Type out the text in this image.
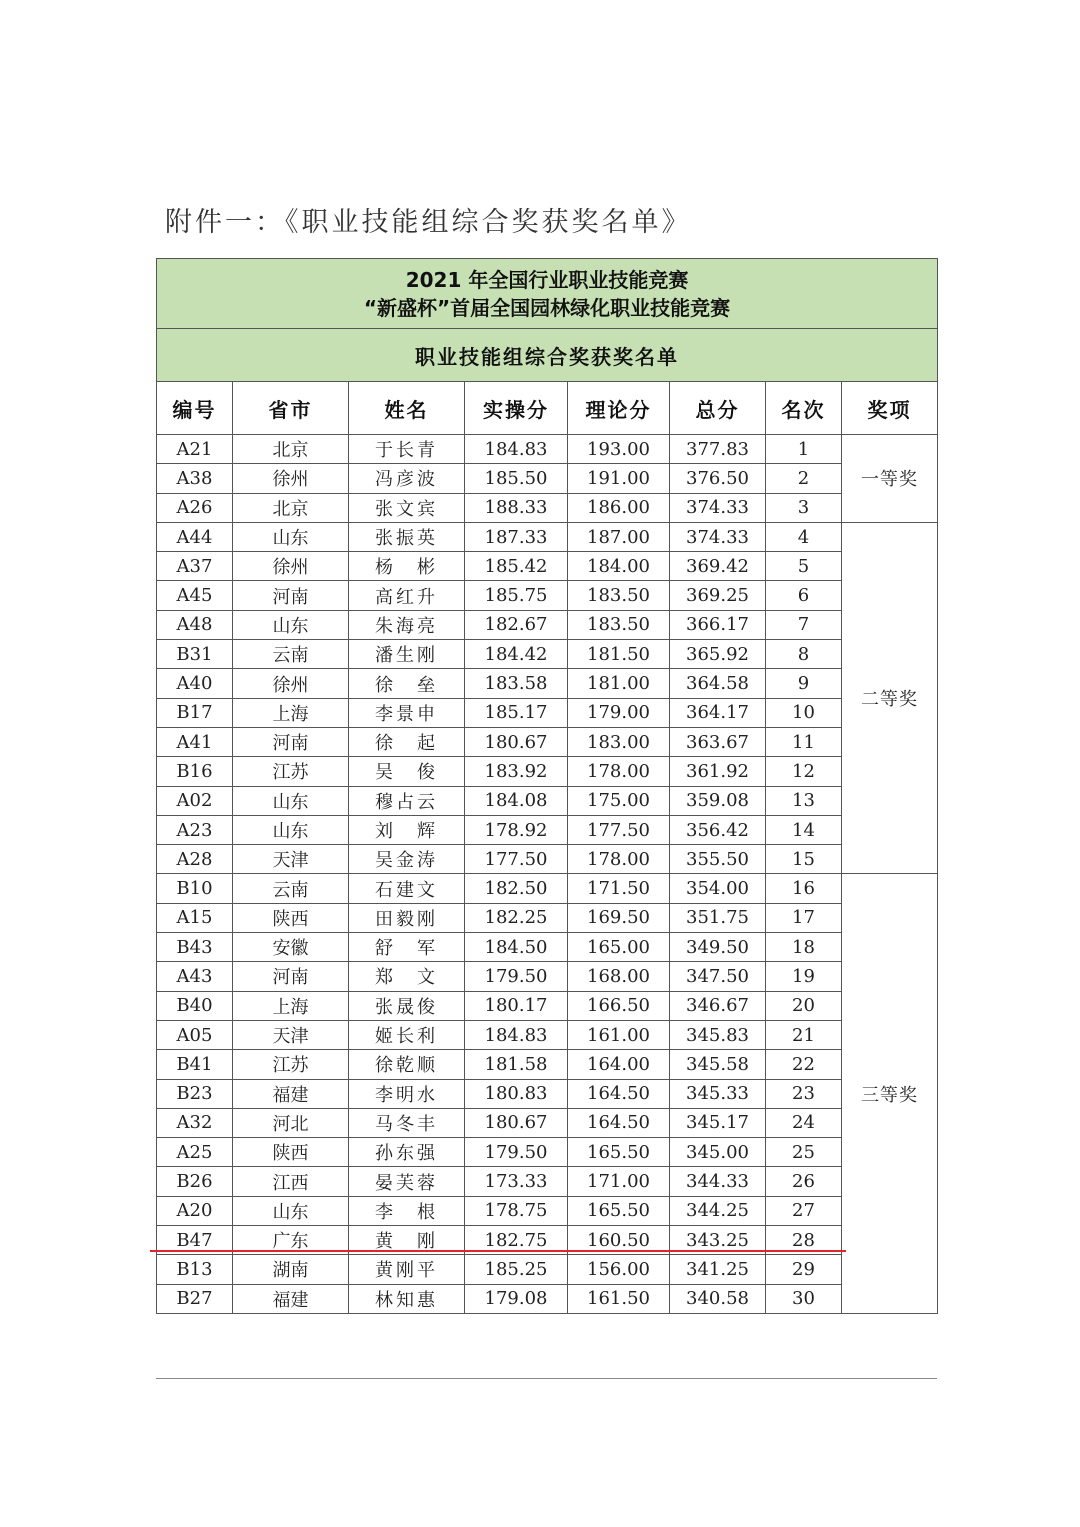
附件一：《职业技能组综合奖获奖名单》
2021 年全国行业职业技能竞赛
“新盛杯”首届全国园林绿化职业技能竞赛							

职业技能组综合奖获奖名单							
编号	省市	姓名	实操分	理论分	总分	名次	奖项
A21	北京	于长青	184.83	193.00	377.83	1	一等奖
A38	徐州	冯彦波	185.50	191.00	376.50	2	
A26	北京	张文宾	188.33	186.00	374.33	3	
A44	山东	张振英	187.33	187.00	374.33	4	二等奖
A37	徐州	杨　彬	185.42	184.00	369.42	5	
A45	河南	高红升	185.75	183.50	369.25	6	
A48	山东	朱海亮	182.67	183.50	366.17	7	
B31	云南	潘生刚	184.42	181.50	365.92	8	
A40	徐州	徐　垒	183.58	181.00	364.58	9	
B17	上海	李景申	185.17	179.00	364.17	10	
A41	河南	徐　起	180.67	183.00	363.67	11	
B16	江苏	吴　俊	183.92	178.00	361.92	12	
A02	山东	穆占云	184.08	175.00	359.08	13	
A23	山东	刘　辉	178.92	177.50	356.42	14	
A28	天津	吴金涛	177.50	178.00	355.50	15	
B10	云南	石建文	182.50	171.50	354.00	16	三等奖
A15	陕西	田毅刚	182.25	169.50	351.75	17	
B43	安徽	舒　军	184.50	165.00	349.50	18	
A43	河南	郑　文	179.50	168.00	347.50	19	
B40	上海	张晟俊	180.17	166.50	346.67	20	
A05	天津	姬长利	184.83	161.00	345.83	21	
B41	江苏	徐乾顺	181.58	164.00	345.58	22	
B23	福建	李明水	180.83	164.50	345.33	23	
A32	河北	马冬丰	180.67	164.50	345.17	24	
A25	陕西	孙东强	179.50	165.50	345.00	25	
B26	江西	晏芙蓉	173.33	171.00	344.33	26	
A20	山东	李　根	178.75	165.50	344.25	27	
B47	广东	黄　刚	182.75	160.50	343.25	28	
B13	湖南	黄刚平	185.25	156.00	341.25	29	
B27	福建	林知惠	179.08	161.50	340.58	30	
